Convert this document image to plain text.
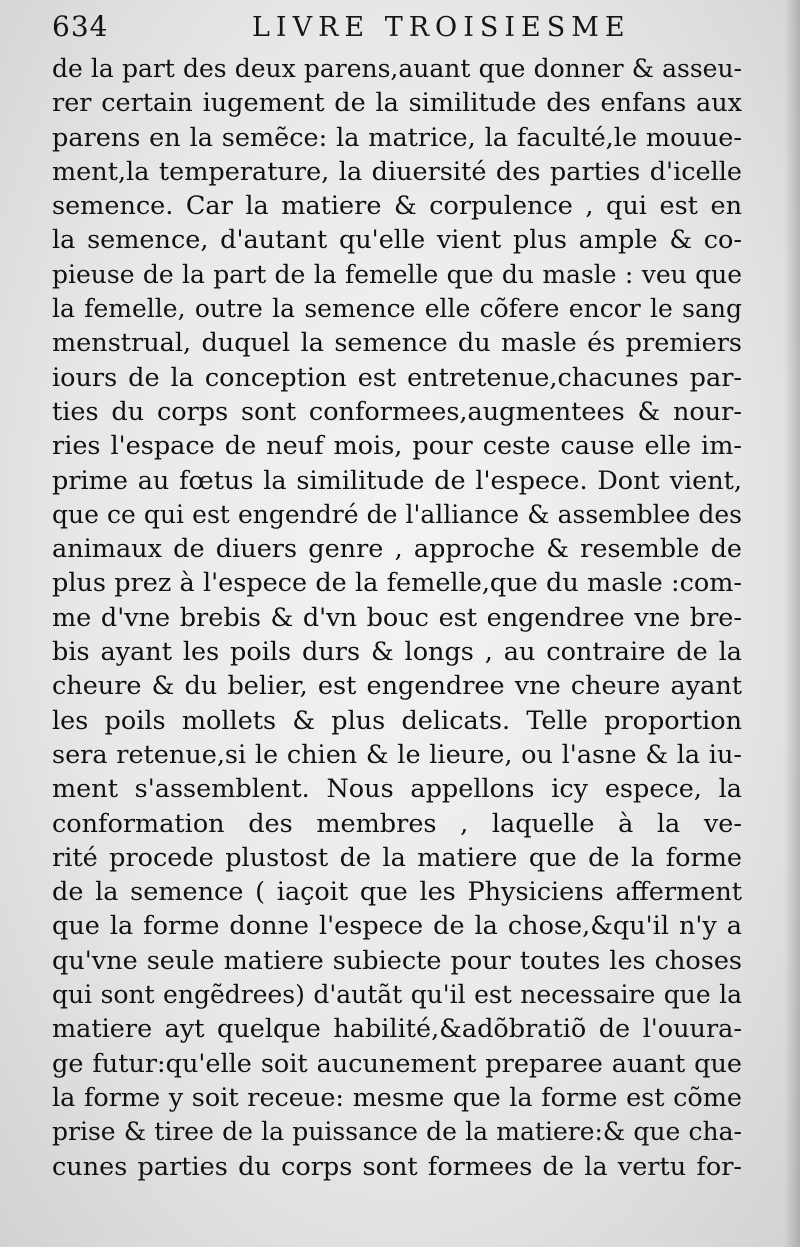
634	LIVRE TROISIESME
de la part des deux parens,auant que donner & asseu-
rer certain iugement de la similitude des enfans aux
parens en la semẽce: la matrice, la faculté,le mouue-
ment,la temperature, la diuersité des parties d'icelle
semence. Car la matiere & corpulence , qui est en
la semence, d'autant qu'elle vient plus ample & co-
pieuse de la part de la femelle que du masle : veu que
la femelle, outre la semence elle cõfere encor le sang
menstrual, duquel la semence du masle és premiers
iours de la conception est entretenue,chacunes par-
ties du corps sont conformees,augmentees & nour-
ries l'espace de neuf mois, pour ceste cause elle im-
prime au fœtus la similitude de l'espece. Dont vient,
que ce qui est engendré de l'alliance & assemblee des
animaux de diuers genre , approche & resemble de
plus prez à l'espece de la femelle,que du masle :com-
me d'vne brebis & d'vn bouc est engendree vne bre-
bis ayant les poils durs & longs , au contraire de la
cheure & du belier, est engendree vne cheure ayant
les poils mollets & plus delicats. Telle proportion
sera retenue,si le chien & le lieure, ou l'asne & la iu-
ment s'assemblent. Nous appellons icy espece, la
conformation des membres , laquelle à la ve-
rité procede plustost de la matiere que de la forme
de la semence ( iaçoit que les Physiciens afferment
que la forme donne l'espece de la chose,&qu'il n'y a
qu'vne seule matiere subiecte pour toutes les choses
qui sont engẽdrees) d'autãt qu'il est necessaire que la
matiere ayt quelque habilité,&adõbratiõ de l'ouura-
ge futur:qu'elle soit aucunement preparee auant que
la forme y soit receue: mesme que la forme est cõme
prise & tiree de la puissance de la matiere:& que cha-
cunes parties du corps sont formees de la vertu for-
